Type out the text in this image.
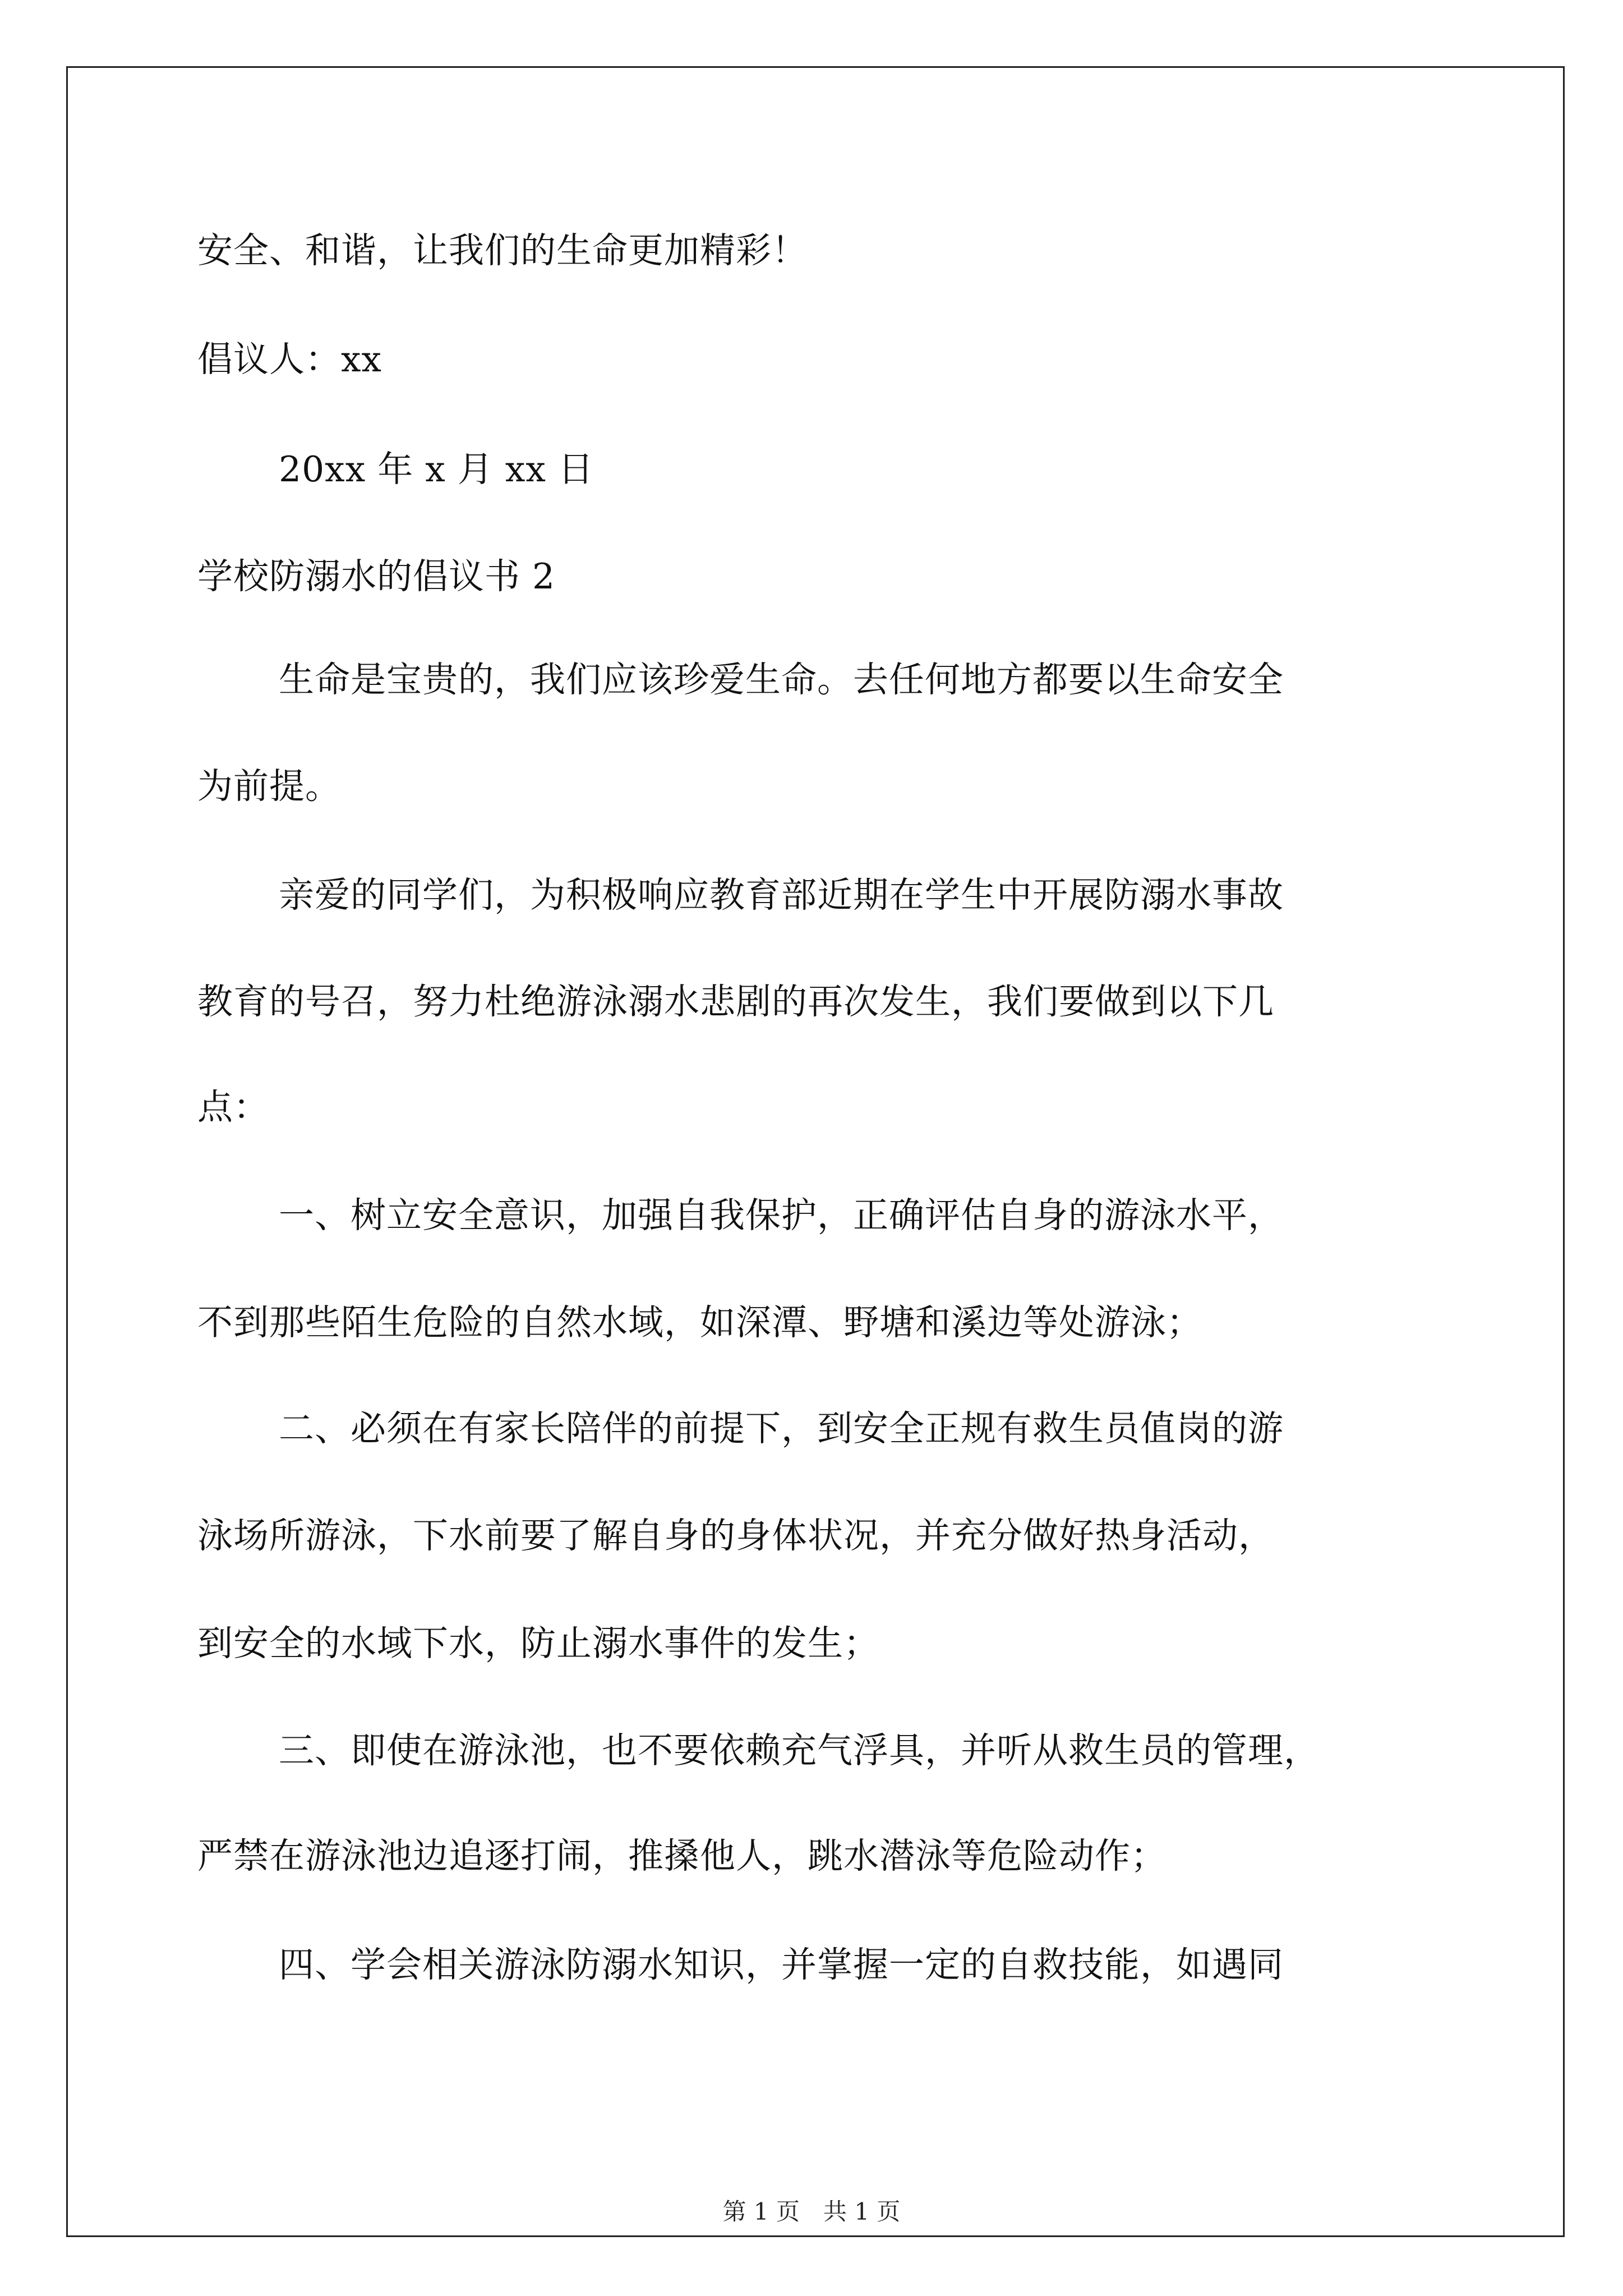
安全、和谐，让我们的生命更加精彩！
倡议人：xx
20xx 年 x 月 xx 日
学校防溺水的倡议书 2
生命是宝贵的，我们应该珍爱生命。去任何地方都要以生命安全
为前提。
亲爱的同学们，为积极响应教育部近期在学生中开展防溺水事故
教育的号召，努力杜绝游泳溺水悲剧的再次发生，我们要做到以下几
点：
一、树立安全意识，加强自我保护，正确评估自身的游泳水平，
不到那些陌生危险的自然水域，如深潭、野塘和溪边等处游泳；
二、必须在有家长陪伴的前提下，到安全正规有救生员值岗的游
泳场所游泳，下水前要了解自身的身体状况，并充分做好热身活动，
到安全的水域下水，防止溺水事件的发生；
三、即使在游泳池，也不要依赖充气浮具，并听从救生员的管理，
严禁在游泳池边追逐打闹，推搡他人，跳水潜泳等危险动作；
四、学会相关游泳防溺水知识，并掌握一定的自救技能，如遇同
第 1 页　共 1 页
